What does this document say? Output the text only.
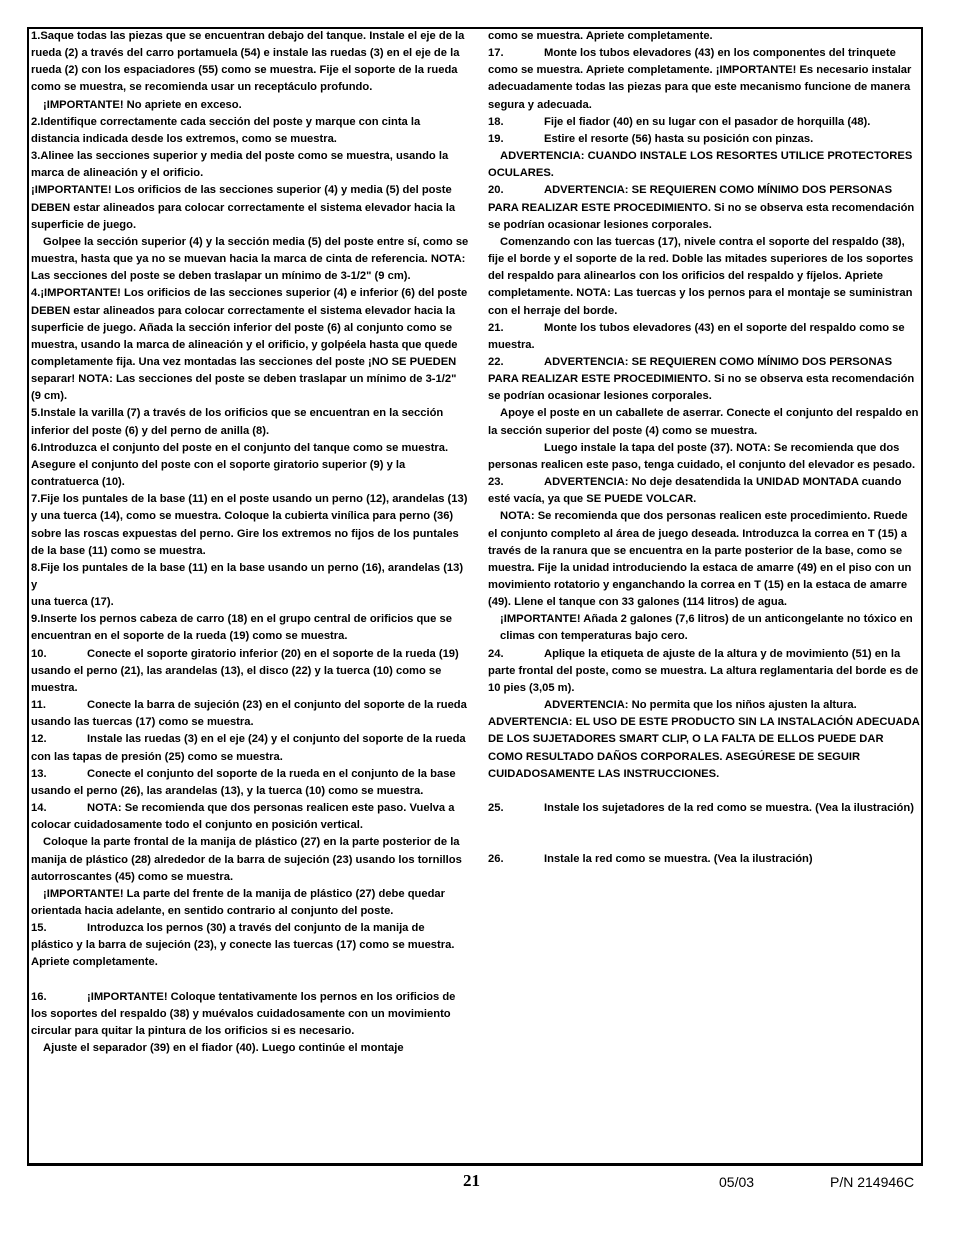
1.Saque todas las piezas que se encuentran debajo del tanque. Instale el eje de la rueda (2) a través del carro portamuela (54) e instale las ruedas (3) en el eje de la rueda (2) con los espaciadores (55) como se muestra. Fije el soporte de la rueda como se muestra, se recomienda usar un receptáculo profundo.
¡IMPORTANTE! No apriete en exceso.
2.Identifique correctamente cada sección del poste y marque con cinta la distancia indicada desde los extremos, como se muestra.
3.Alinee las secciones superior y media del poste como se muestra, usando la marca de alineación y el orificio.
¡IMPORTANTE! Los orificios de las secciones superior (4) y media (5) del poste DEBEN estar alineados para colocar correctamente el sistema elevador hacia la superficie de juego.
Golpee la sección superior (4) y la sección media (5) del poste entre sí, como se muestra, hasta que ya no se muevan hacia la marca de cinta de referencia. NOTA: Las secciones del poste se deben traslapar un mínimo de 3-1/2" (9 cm).
4.¡IMPORTANTE! Los orificios de las secciones superior (4) e inferior (6) del poste DEBEN estar alineados para colocar correctamente el sistema elevador hacia la superficie de juego. Añada la sección inferior del poste (6) al conjunto como se muestra, usando la marca de alineación y el orificio, y golpéela hasta que quede completamente fija. Una vez montadas las secciones del poste ¡NO SE PUEDEN separar! NOTA: Las secciones del poste se deben traslapar un mínimo de 3-1/2" (9 cm).
5.Instale la varilla (7) a través de los orificios que se encuentran en la sección inferior del poste (6) y del perno de anilla (8).
6.Introduzca el conjunto del poste en el conjunto del tanque como se muestra. Asegure el conjunto del poste con el soporte giratorio superior (9) y la contratuerca (10).
7.Fije los puntales de la base (11) en el poste usando un perno (12), arandelas (13) y una tuerca (14), como se muestra. Coloque la cubierta vinílica para perno (36) sobre las roscas expuestas del perno. Gire los extremos no fijos de los puntales de la base (11) como se muestra.
8.Fije los puntales de la base (11) en la base usando un perno (16), arandelas (13) y
una tuerca (17).
9.Inserte los pernos cabeza de carro (18) en el grupo central de orificios que se encuentran en el soporte de la rueda (19) como se muestra.
10.	Conecte el soporte giratorio inferior (20) en el soporte de la rueda (19) usando el perno (21), las arandelas (13), el disco (22) y la tuerca (10) como se muestra.
11.	Conecte la barra de sujeción (23) en el conjunto del soporte de la rueda usando las tuercas (17) como se muestra.
12.	Instale las ruedas (3) en el eje (24) y el conjunto del soporte de la rueda con las tapas de presión (25) como se muestra.
13.	Conecte el conjunto del soporte de la rueda en el conjunto de la base usando el perno (26), las arandelas (13), y la tuerca (10) como se muestra.
14.	NOTA: Se recomienda que dos personas realicen este paso. Vuelva a colocar cuidadosamente todo el conjunto en posición vertical.
Coloque la parte frontal de la manija de plástico (27) en la parte posterior de la manija de plástico (28) alrededor de la barra de sujeción (23) usando los tornillos autorroscantes (45) como se muestra.
¡IMPORTANTE! La parte del frente de la manija de plástico (27) debe quedar orientada hacia adelante, en sentido contrario al conjunto del poste.
15.	Introduzca los pernos (30) a través del conjunto de la manija de plástico y la barra de sujeción (23), y conecte las tuercas (17) como se muestra. Apriete completamente.
16.	¡IMPORTANTE! Coloque tentativamente los pernos en los orificios de los soportes del respaldo (38) y muévalos cuidadosamente con un movimiento circular para quitar la pintura de los orificios si es necesario.
Ajuste el separador (39) en el fiador (40). Luego continúe el montaje
como se muestra. Apriete completamente.
17.	Monte los tubos elevadores (43) en los componentes del trinquete como se muestra. Apriete completamente. ¡IMPORTANTE! Es necesario instalar adecuadamente todas las piezas para que este mecanismo funcione de manera segura y adecuada.
18.	Fije el fiador (40) en su lugar con el pasador de horquilla (48).
19.	Estire el resorte (56) hasta su posición con pinzas.
ADVERTENCIA: CUANDO INSTALE LOS RESORTES UTILICE PROTECTORES OCULARES.
20.	ADVERTENCIA: SE REQUIEREN COMO MÍNIMO DOS PERSONAS PARA REALIZAR ESTE PROCEDIMIENTO. Si no se observa esta recomendación se podrían ocasionar lesiones corporales.
Comenzando con las tuercas (17), nivele contra el soporte del respaldo (38), fije el borde y el soporte de la red. Doble las mitades superiores de los soportes del respaldo para alinearlos con los orificios del respaldo y fíjelos. Apriete completamente. NOTA: Las tuercas y los pernos para el montaje se suministran con el herraje del borde.
21.	Monte los tubos elevadores (43) en el soporte del respaldo como se muestra.
22.	ADVERTENCIA: SE REQUIEREN COMO MÍNIMO DOS PERSONAS PARA REALIZAR ESTE PROCEDIMIENTO. Si no se observa esta recomendación se podrían ocasionar lesiones corporales.
Apoye el poste en un caballete de aserrar. Conecte el conjunto del respaldo en la sección superior del poste (4) como se muestra.
Luego instale la tapa del poste (37). NOTA: Se recomienda que dos personas realicen este paso, tenga cuidado, el conjunto del elevador es pesado.
23.	ADVERTENCIA: No deje desatendida la UNIDAD MONTADA cuando esté vacía, ya que SE PUEDE VOLCAR.
NOTA: Se recomienda que dos personas realicen este procedimiento. Ruede el conjunto completo al área de juego deseada. Introduzca la correa en T (15) a través de la ranura que se encuentra en la parte posterior de la base, como se muestra. Fije la unidad introduciendo la estaca de amarre (49) en el piso con un movimiento rotatorio y enganchando la correa en T (15) en la estaca de amarre (49). Llene el tanque con 33 galones (114 litros) de agua.
¡IMPORTANTE! Añada 2 galones (7,6 litros) de un anticongelante no tóxico en
climas con temperaturas bajo cero.
24.	Aplique la etiqueta de ajuste de la altura y de movimiento (51) en la parte frontal del poste, como se muestra. La altura reglamentaria del borde es de 10 pies (3,05 m).
ADVERTENCIA: No permita que los niños ajusten la altura.
ADVERTENCIA: EL USO DE ESTE PRODUCTO SIN LA INSTALACIÓN ADECUADA DE LOS SUJETADORES SMART CLIP, O LA FALTA DE ELLOS PUEDE DAR COMO RESULTADO DAÑOS CORPORALES. ASEGÚRESE DE SEGUIR CUIDADOSAMENTE LAS INSTRUCCIONES.
25.	Instale los sujetadores de la red como se muestra. (Vea la ilustración)
26.	Instale la red como se muestra. (Vea la ilustración)
21	05/03	P/N 214946C
